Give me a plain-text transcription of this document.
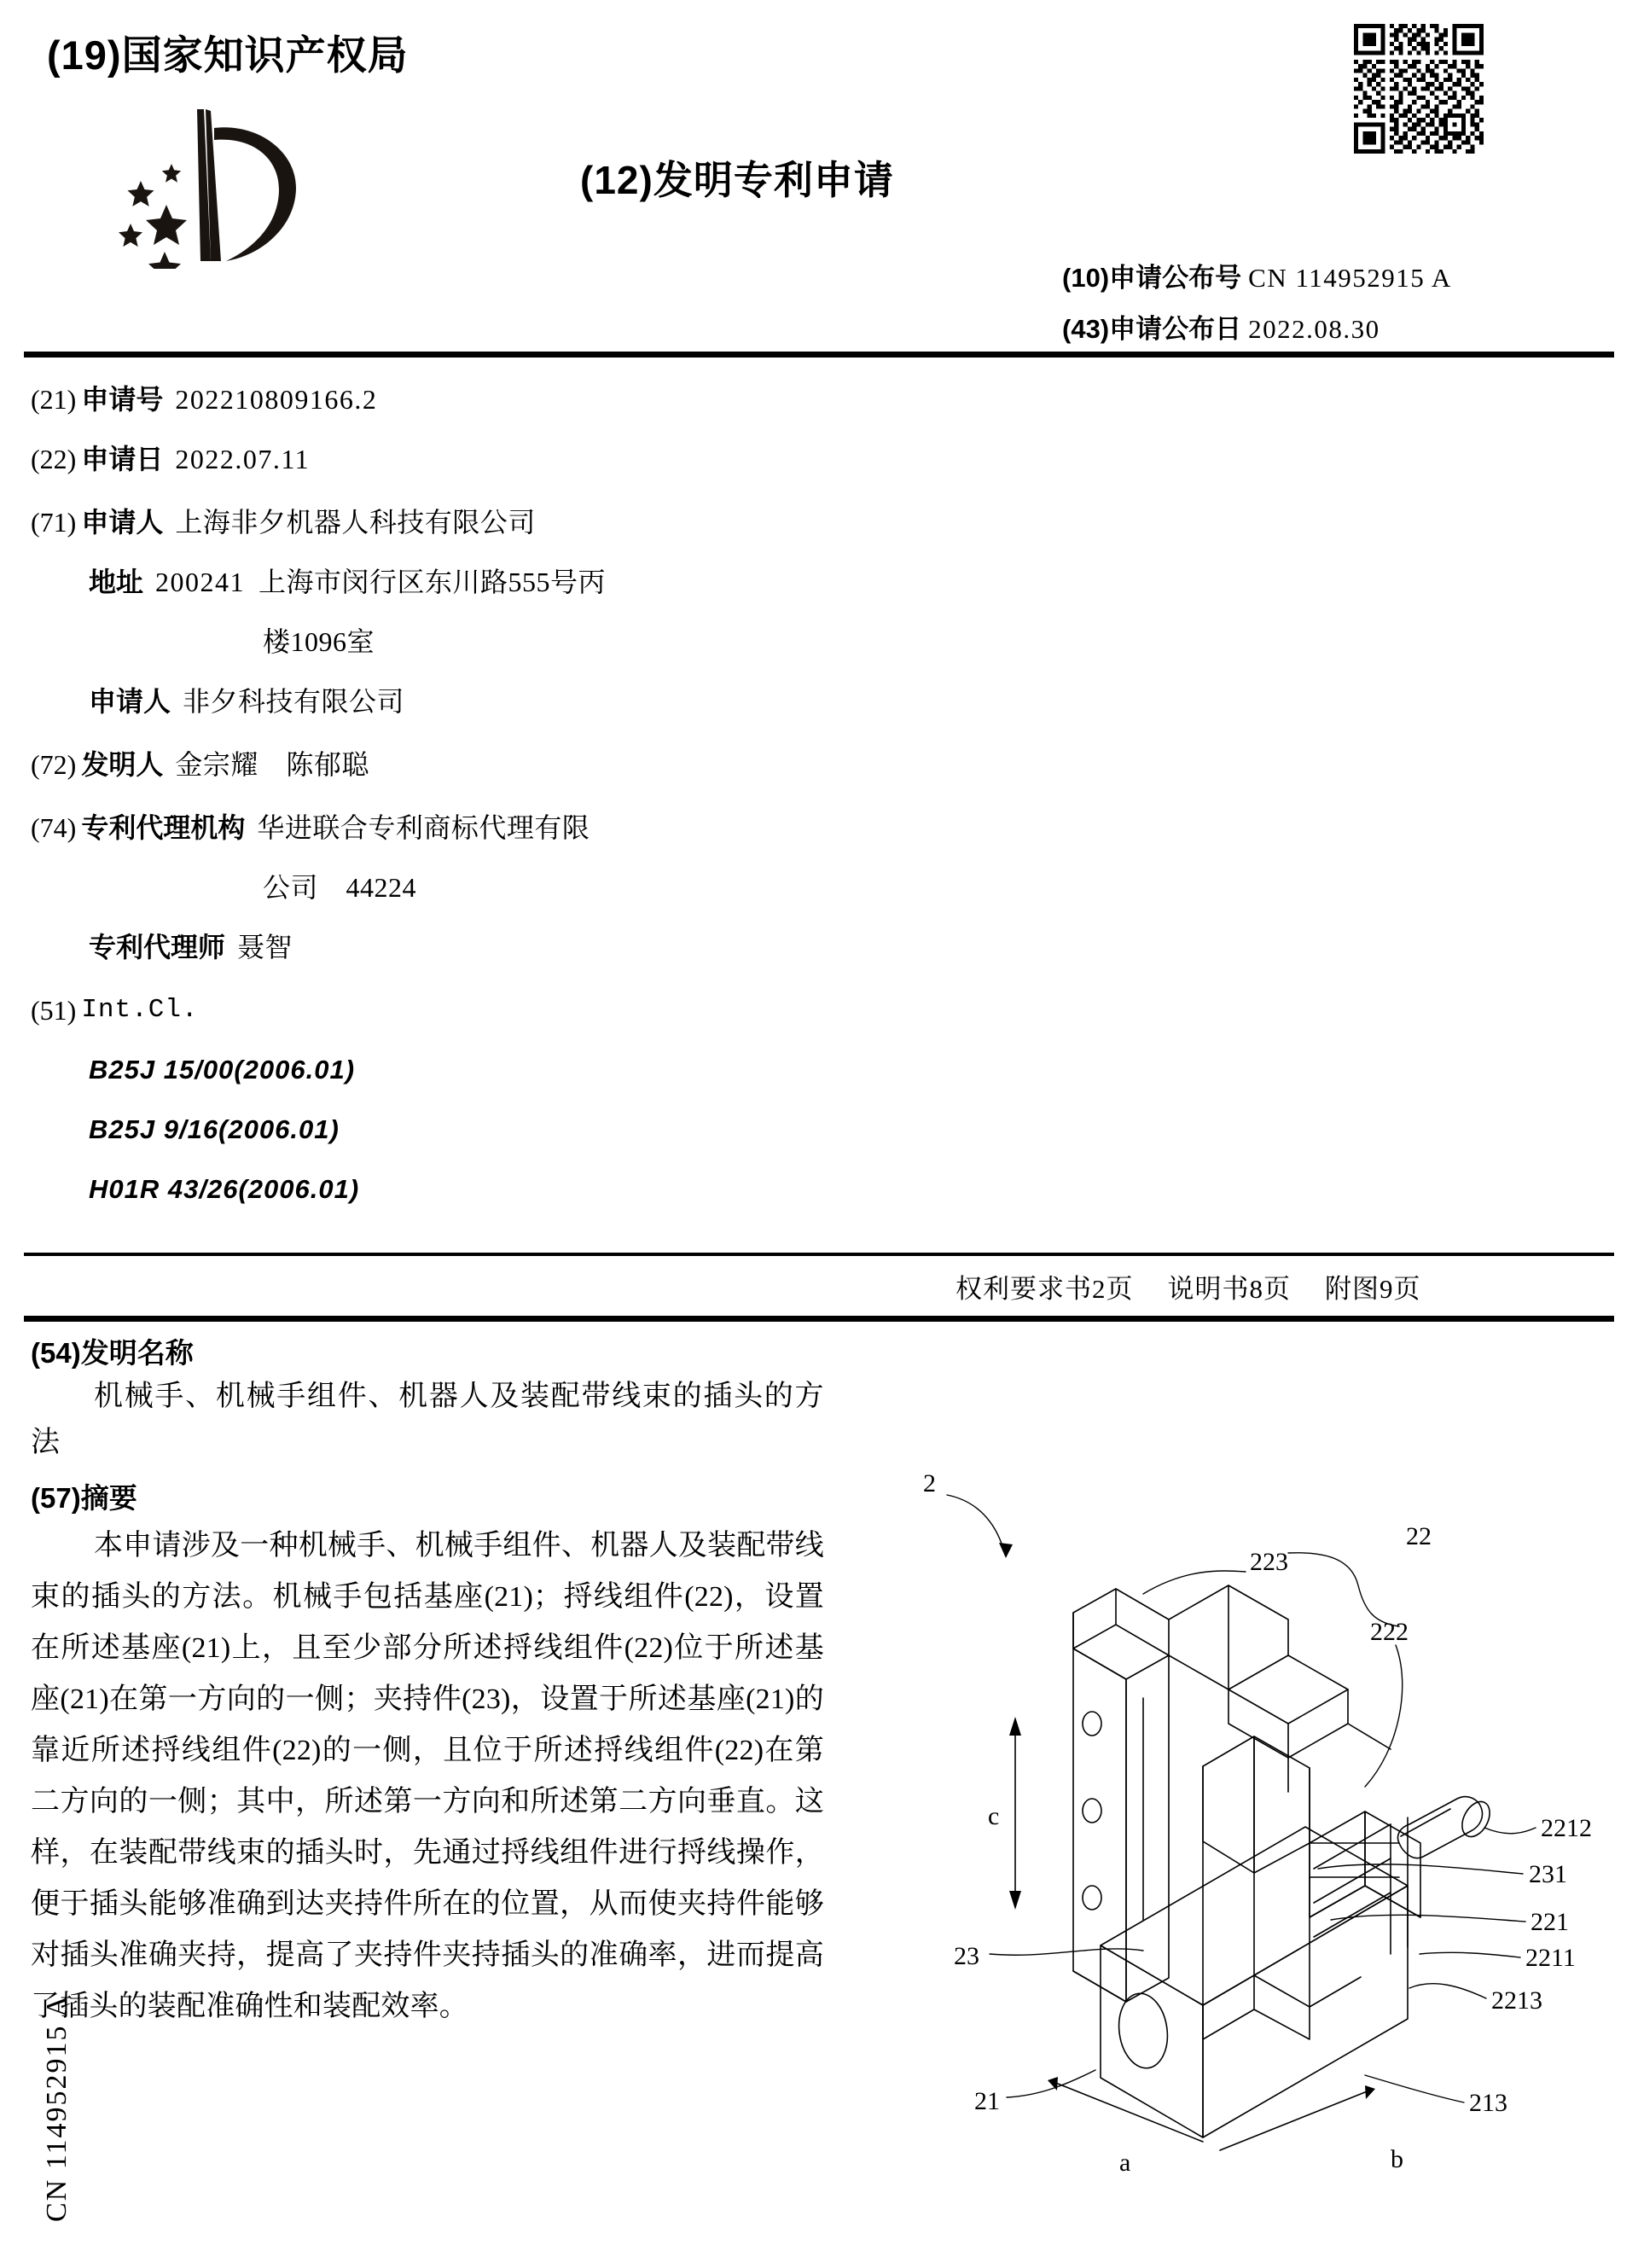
(19)国家知识产权局
(12)发明专利申请
(10)申请公布号 CN 114952915 A
(43)申请公布日 2022.08.30
(21) 申请号 202210809166.2
(22) 申请日 2022.07.11
(71) 申请人 上海非夕机器人科技有限公司
地址 200241 上海市闵行区东川路555号丙
楼1096室
申请人 非夕科技有限公司
(72) 发明人 金宗耀　陈郁聪
(74) 专利代理机构 华进联合专利商标代理有限
公司　44224
专利代理师 聂智
(51) Int.Cl.
B25J 15/00 (2006.01)
B25J 9/16 (2006.01)
H01R 43/26 (2006.01)
权利要求书2页 说明书8页 附图9页
(54)发明名称
机械手、机械手组件、机器人及装配带线束的插头的方法
(57)摘要
本申请涉及一种机械手、机械手组件、机器人及装配带线束的插头的方法。机械手包括基座(21)；捋线组件(22)，设置在所述基座(21)上，且至少部分所述捋线组件(22)位于所述基座(21)在第一方向的一侧；夹持件(23)，设置于所述基座(21)的靠近所述捋线组件(22)的一侧，且位于所述捋线组件(22)在第二方向的一侧；其中，所述第一方向和所述第二方向垂直。这样，在装配带线束的插头时，先通过捋线组件进行捋线操作，便于插头能够准确到达夹持件所在的位置，从而使夹持件能够对插头准确夹持，提高了夹持件夹持插头的准确率，进而提高了插头的装配准确性和装配效率。
2
223
22
222
2212
231
221
2211
2213
23
21	213
a	b
c
CN 114952915 A
